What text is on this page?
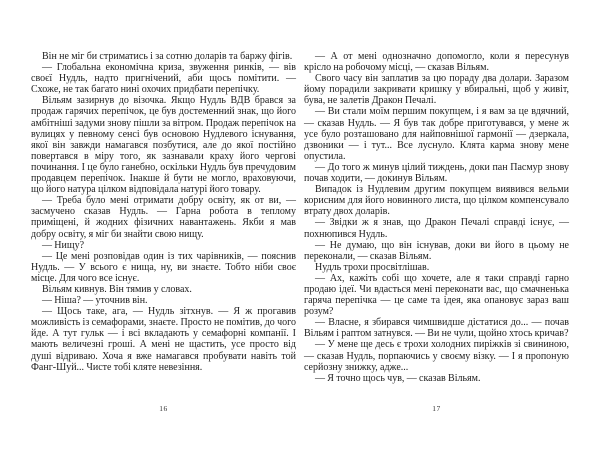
Він не міг би стриматись і за сотню доларів та баржу фігів.

— Глобальна економічна криза, звуження ринків, — вів своєї Нудль, надто пригнічений, аби щось помітити. — Схоже, не так багато нині охочих придбати перепічку.

Вільям зазирнув до візочка. Якщо Нудль ВДВ брався за продаж гарячих перепічок, це був достеменний знак, що його амбітніші задуми знову пішли за вітром. Продаж перепічок на вулицях у певному сенсі був основою Нудлевого існування, якої він завжди намагався позбутися, але до якої постійно повертався в міру того, як зазнавали краху його чергові починання. І це було ганебно, оскільки Нудль був пречудовим продавцем перепічок. Інакше й бути не могло, враховуючи, що його натура цілком відповідала натурі його товару.

— Треба було мені отримати добру освіту, як от ви, — засмучено сказав Нудль. — Гарна робота в теплому приміщені, й жодних фізичних навантажень. Якби я мав добру освіту, я міг би знайти свою нищу.

— Нищу?

— Це мені розповідав один із тих чарівників, — пояснив Нудль. — У всього є нища, ну, ви знаєте. Тобто ніби своє місце. Для чого все існує.

Вільям кивнув. Він тямив у словах.

— Ніша? — уточнив він.

— Щось таке, ага, — Нудль зітхнув. — Я ж прогавив можливість із семафорами, знаєте. Просто не помітив, до чого йде. А тут гульк — і всі вкладають у семафорні компанії. І мають величезні гроші. А мені не щастить, усе просто від душі відриваю. Хоча я вже намагався пробувати навіть той Фанг-Шуй... Чисте тобі кляте невезіння.

16

— А от мені однозначно допомогло, коли я пересунув крісло на робочому місці, — сказав Вільям.

Свого часу він заплатив за цю пораду два долари. Заразом йому порадили закривати кришку у вбиральні, щоб у живіт, бува, не залетів Дракон Печалі.

— Ви стали моїм першим покупцем, і я вам за це вдячний, — сказав Нудль. — Я був так добре приготувався, у мене ж усе було розташовано для найповнішої гармонії — дзеркала, дзвоники — і тут... Все луснуло. Клята карма знову мене опустила.

— До того ж минув цілий тиждень, доки пан Пасмур знову почав ходити, — докинув Вільям.

Випадок із Нудлевим другим покупцем виявився вельми корисним для його новинного листа, що цілком компенсувало втрату двох доларів.

— Звідки ж я знав, що Дракон Печалі справді існує, — похнюпився Нудль.

— Не думаю, що він існував, доки ви його в цьому не переконали, — сказав Вільям.

Нудль трохи просвітлішав.

— Ах, кажіть собі що хочете, але я таки справді гарно продаю ідеї. Чи вдасться мені переконати вас, що смачненька гаряча перепічка — це саме та ідея, яка опановує зараз ваш розум?

— Власне, я збирався чимшвидше дістатися до... — почав Вільям і раптом затнувся. — Ви не чули, щойно хтось кричав?

— У мене ще десь є трохи холодних пиріжків зі свининою, — сказав Нудль, порпаючись у своєму візку. — І я пропоную серйозну знижку, адже...

— Я точно щось чув, — сказав Вільям.

17
